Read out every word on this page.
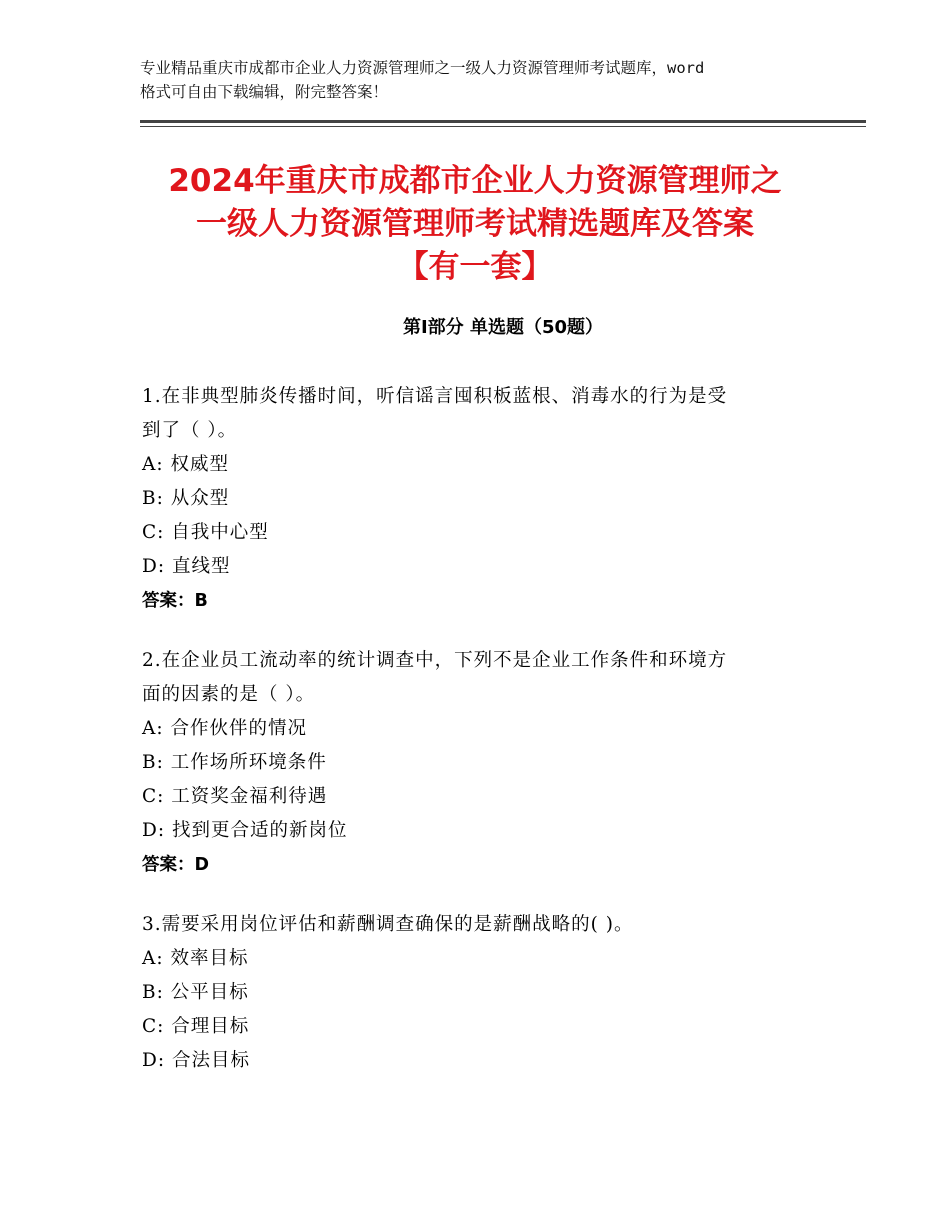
专业精品重庆市成都市企业人力资源管理师之一级人力资源管理师考试题库，word
格式可自由下载编辑，附完整答案！
2024年重庆市成都市企业人力资源管理师之
一级人力资源管理师考试精选题库及答案
【有一套】
第Ⅰ部分 单选题（50题）
1.在非典型肺炎传播时间，听信谣言囤积板蓝根、消毒水的行为是受
到了（ ）。
A: 权威型
B: 从众型
C: 自我中心型
D: 直线型
答案：B
2.在企业员工流动率的统计调查中，下列不是企业工作条件和环境方
面的因素的是（ ）。
A: 合作伙伴的情况
B: 工作场所环境条件
C: 工资奖金福利待遇
D: 找到更合适的新岗位
答案：D
3.需要采用岗位评估和薪酬调查确保的是薪酬战略的( )。
A: 效率目标
B: 公平目标
C: 合理目标
D: 合法目标
